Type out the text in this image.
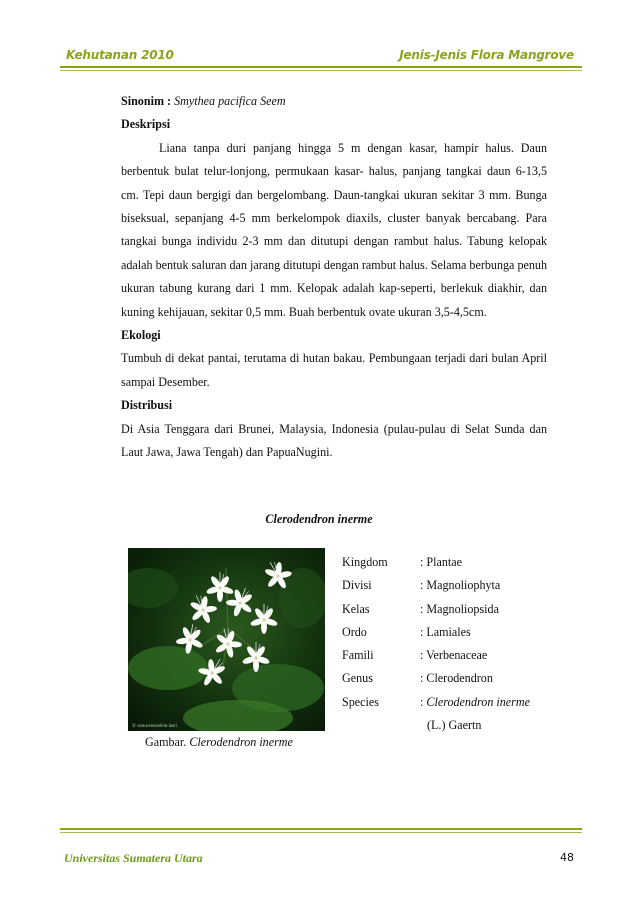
Kehutanan 2010	Jenis-Jenis Flora Mangrove

Sinonim : Smythea pacifica Seem

Deskripsi

Liana tanpa duri panjang hingga 5 m dengan kasar, hampir halus. Daun berbentuk bulat telur-lonjong, permukaan kasar- halus, panjang tangkai daun 6-13,5 cm. Tepi daun bergigi dan bergelombang. Daun-tangkai ukuran sekitar 3 mm. Bunga biseksual, sepanjang 4-5 mm berkelompok diaxils, cluster banyak bercabang. Para tangkai bunga individu 2-3 mm dan ditutupi dengan rambut halus. Tabung kelopak adalah bentuk saluran dan jarang ditutupi dengan rambut halus. Selama berbunga penuh ukuran tabung kurang dari 1 mm. Kelopak adalah kap-seperti, berlekuk diakhir, dan kuning kehijauan, sekitar 0,5 mm. Buah berbentuk ovate ukuran 3,5-4,5cm.

Ekologi

Tumbuh di dekat pantai, terutama di hutan bakau. Pembungaan terjadi dari bulan April sampai Desember.

Distribusi

Di Asia Tenggara dari Brunei, Malaysia, Indonesia (pulau-pulau di Selat Sunda dan Laut Jawa, Jawa Tengah) dan PapuaNugini.

Clerodendron inerme
© ecoursesonline.iasri
Gambar. Clerodendron inerme
Kingdom	: Plantae
Divisi	: Magnoliophyta
Kelas	: Magnoliopsida
Ordo	: Lamiales
Famili	: Verbenaceae
Genus	: Clerodendron
Species	: Clerodendron inerme
(L.) Gaertn
Universitas Sumatera Utara	48
